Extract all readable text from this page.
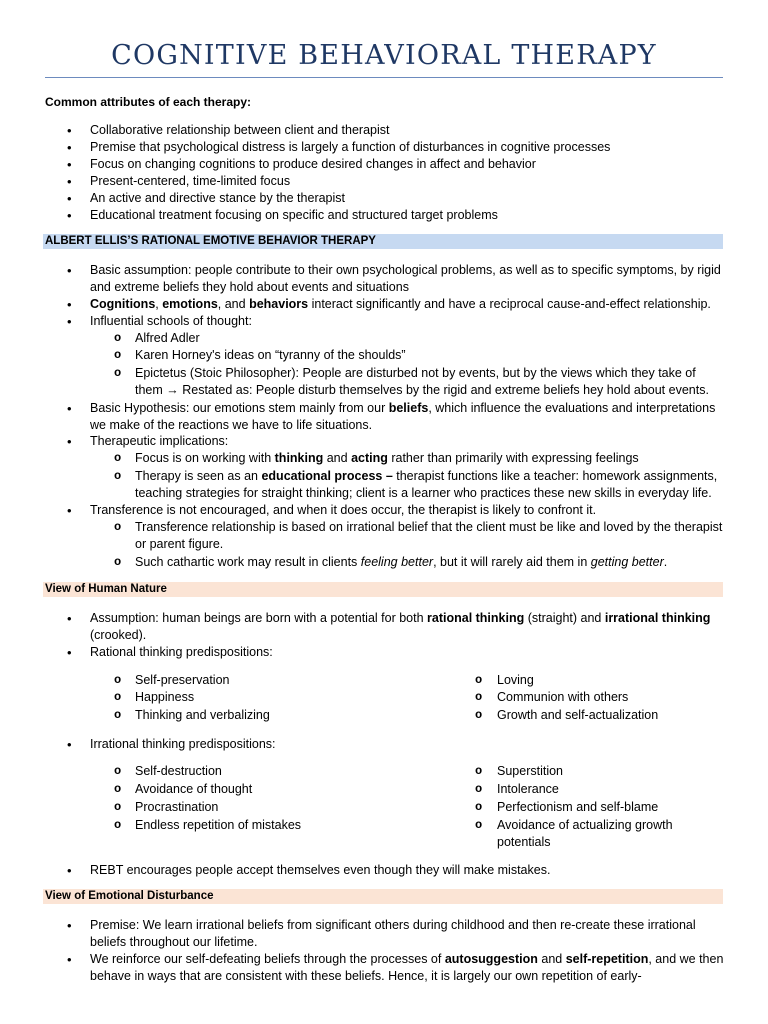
COGNITIVE BEHAVIORAL THERAPY
Common attributes of each therapy:
• Collaborative relationship between client and therapist
• Premise that psychological distress is largely a function of disturbances in cognitive processes
• Focus on changing cognitions to produce desired changes in affect and behavior
• Present-centered, time-limited focus
• An active and directive stance by the therapist
• Educational treatment focusing on specific and structured target problems
ALBERT ELLIS’S RATIONAL EMOTIVE BEHAVIOR THERAPY
• Basic assumption: people contribute to their own psychological problems, as well as to specific symptoms, by rigid and extreme beliefs they hold about events and situations
• Cognitions, emotions, and behaviors interact significantly and have a reciprocal cause-and-effect relationship.
• Influential schools of thought:
o Alfred Adler
o Karen Horney's ideas on “tyranny of the shoulds”
o Epictetus (Stoic Philosopher): People are disturbed not by events, but by the views which they take of them → Restated as: People disturb themselves by the rigid and extreme beliefs hey hold about events.
• Basic Hypothesis: our emotions stem mainly from our beliefs, which influence the evaluations and interpretations we make of the reactions we have to life situations.
• Therapeutic implications:
o Focus is on working with thinking and acting rather than primarily with expressing feelings
o Therapy is seen as an educational process – therapist functions like a teacher: homework assignments, teaching strategies for straight thinking; client is a learner who practices these new skills in everyday life.
• Transference is not encouraged, and when it does occur, the therapist is likely to confront it.
o Transference relationship is based on irrational belief that the client must be like and loved by the therapist or parent figure.
o Such cathartic work may result in clients feeling better, but it will rarely aid them in getting better.
View of Human Nature
• Assumption: human beings are born with a potential for both rational thinking (straight) and irrational thinking (crooked).
• Rational thinking predispositions:
o Self-preservation
o Happiness
o Thinking and verbalizing
o Loving
o Communion with others
o Growth and self-actualization
• Irrational thinking predispositions:
o Self-destruction
o Avoidance of thought
o Procrastination
o Endless repetition of mistakes
o Superstition
o Intolerance
o Perfectionism and self-blame
o Avoidance of actualizing growth potentials
• REBT encourages people accept themselves even though they will make mistakes.
View of Emotional Disturbance
• Premise: We learn irrational beliefs from significant others during childhood and then re-create these irrational beliefs throughout our lifetime.
• We reinforce our self-defeating beliefs through the processes of autosuggestion and self-repetition, and we then behave in ways that are consistent with these beliefs. Hence, it is largely our own repetition of early-
